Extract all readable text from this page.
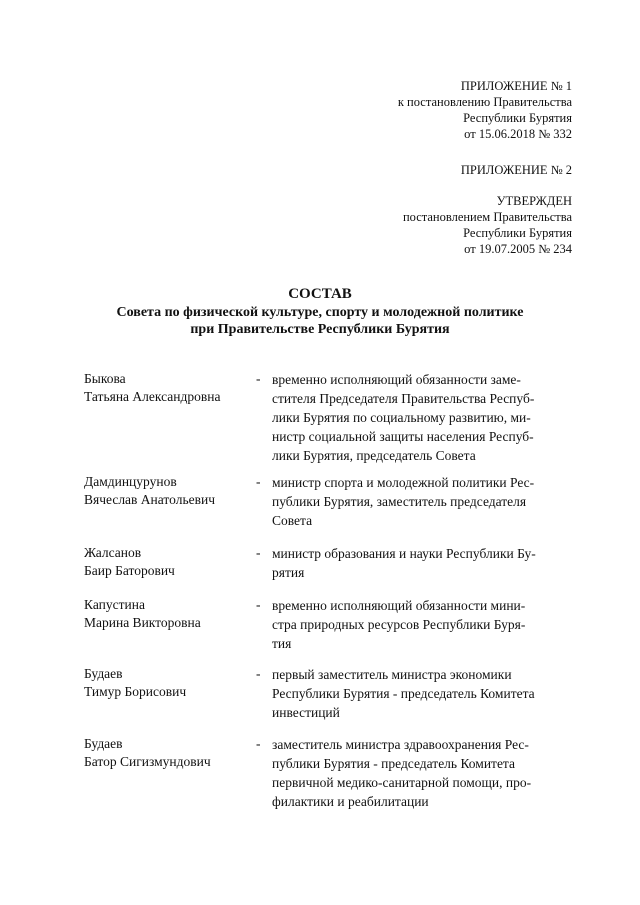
ПРИЛОЖЕНИЕ № 1
к постановлению Правительства
Республики Бурятия
от 15.06.2018 № 332
ПРИЛОЖЕНИЕ № 2
УТВЕРЖДЕН
постановлением Правительства
Республики Бурятия
от 19.07.2005 № 234
СОСТАВ
Совета по физической культуре, спорту и молодежной политике
при Правительстве Республики Бурятия
Быкова
Татьяна Александровна
- временно исполняющий обязанности заме-
стителя Председателя Правительства Респуб-
лики Бурятия по социальному развитию, ми-
нистр социальной защиты населения Респуб-
лики Бурятия, председатель Совета
Дамдинцурунов
Вячеслав Анатольевич
- министр спорта и молодежной политики Рес-
публики Бурятия, заместитель председателя
Совета
Жалсанов
Баир Баторович
- министр образования и науки Республики Бу-
рятия
Капустина
Марина Викторовна
- временно исполняющий обязанности мини-
стра природных ресурсов Республики Буря-
тия
Будаев
Тимур Борисович
- первый заместитель министра экономики
Республики Бурятия - председатель Комитета
инвестиций
Будаев
Батор Сигизмундович
- заместитель министра здравоохранения Рес-
публики Бурятия - председатель Комитета
первичной медико-санитарной помощи, про-
филактики и реабилитации
